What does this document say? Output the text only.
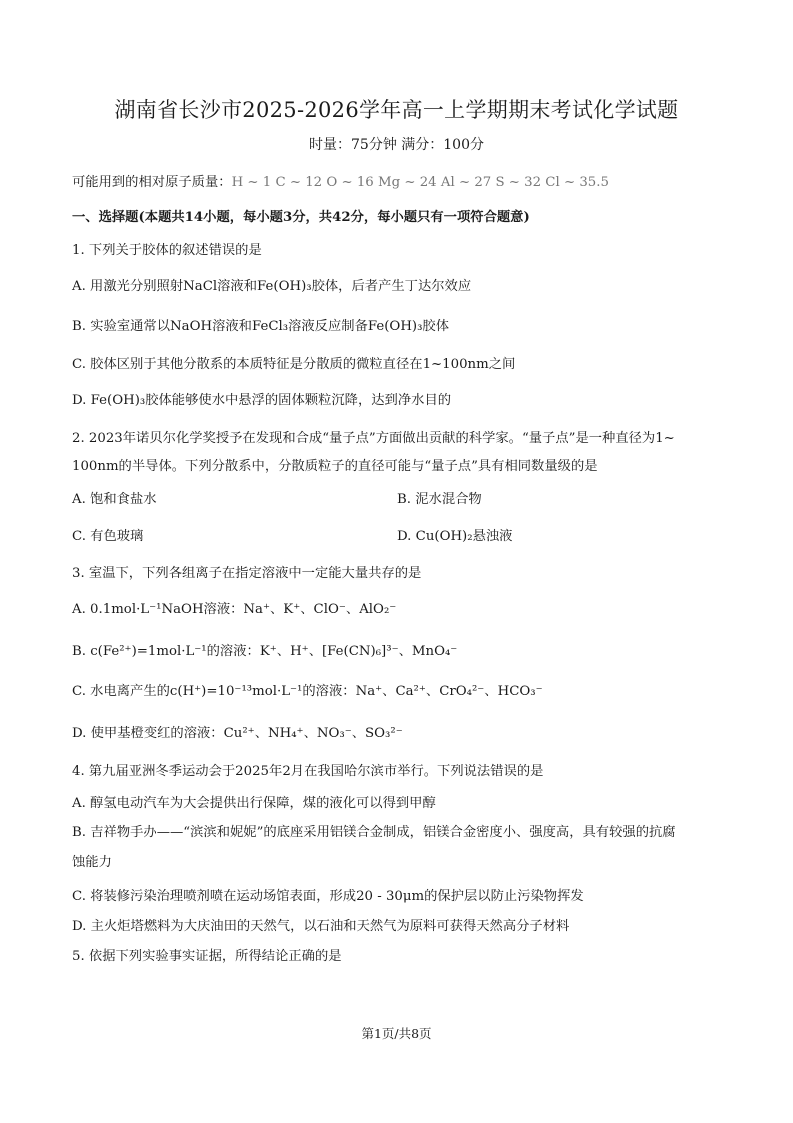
湖南省长沙市2025-2026学年高一上学期期末考试化学试题
时量：75分钟 满分：100分
可能用到的相对原子质量：H ~ 1 C ~ 12 O ~ 16 Mg ~ 24 Al ~ 27 S ~ 32 Cl ~ 35.5
一、选择题(本题共14小题，每小题3分，共42分，每小题只有一项符合题意)
1. 下列关于胶体的叙述错误的是
A. 用激光分别照射NaCl溶液和Fe(OH)₃胶体，后者产生丁达尔效应
B. 实验室通常以NaOH溶液和FeCl₃溶液反应制备Fe(OH)₃胶体
C. 胶体区别于其他分散系的本质特征是分散质的微粒直径在1~100nm之间
D. Fe(OH)₃胶体能够使水中悬浮的固体颗粒沉降，达到净水目的
2. 2023年诺贝尔化学奖授予在发现和合成“量子点”方面做出贡献的科学家。“量子点”是一种直径为1~
100nm的半导体。下列分散系中，分散质粒子的直径可能与“量子点”具有相同数量级的是
A. 饱和食盐水	B. 泥水混合物
C. 有色玻璃	D. Cu(OH)₂悬浊液
3. 室温下，下列各组离子在指定溶液中一定能大量共存的是
A. 0.1mol·L⁻¹NaOH溶液：Na⁺、K⁺、ClO⁻、AlO₂⁻
B. c(Fe²⁺)=1mol·L⁻¹的溶液：K⁺、H⁺、[Fe(CN)₆]³⁻、MnO₄⁻
C. 水电离产生的c(H⁺)=10⁻¹³mol·L⁻¹的溶液：Na⁺、Ca²⁺、CrO₄²⁻、HCO₃⁻
D. 使甲基橙变红的溶液：Cu²⁺、NH₄⁺、NO₃⁻、SO₃²⁻
4. 第九届亚洲冬季运动会于2025年2月在我国哈尔滨市举行。下列说法错误的是
A. 醇氢电动汽车为大会提供出行保障，煤的液化可以得到甲醇
B. 吉祥物手办——“滨滨和妮妮”的底座采用铝镁合金制成，铝镁合金密度小、强度高，具有较强的抗腐
蚀能力
C. 将装修污染治理喷剂喷在运动场馆表面，形成20 - 30μm的保护层以防止污染物挥发
D. 主火炬塔燃料为大庆油田的天然气，以石油和天然气为原料可获得天然高分子材料
5. 依据下列实验事实证据，所得结论正确的是
第1页/共8页
